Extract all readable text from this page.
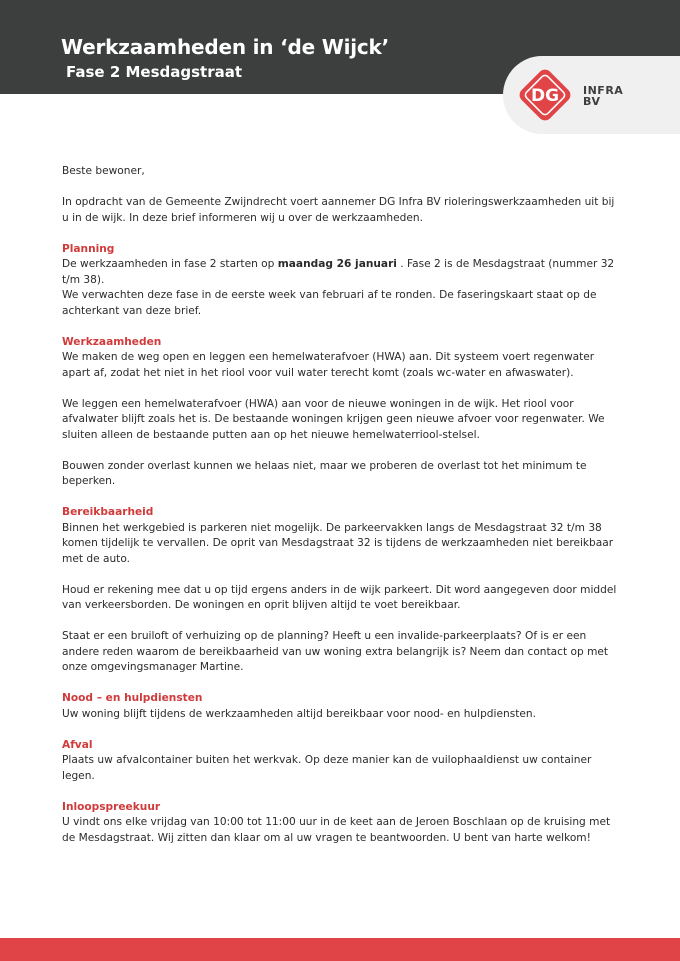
Werkzaamheden in ‘de Wijck’
Fase 2 Mesdagstraat
DG INFRA
BV

Beste bewoner,

In opdracht van de Gemeente Zwijndrecht voert aannemer DG Infra BV rioleringswerkzaamheden uit bij u in de wijk. In deze brief informeren wij u over de werkzaamheden.

Planning

De werkzaamheden in fase 2 starten op maandag 26 januari . Fase 2 is de Mesdagstraat (nummer 32 t/m 38).

We verwachten deze fase in de eerste week van februari af te ronden. De faseringskaart staat op de achterkant van deze brief.

Werkzaamheden

We maken de weg open en leggen een hemelwaterafvoer (HWA) aan. Dit systeem voert regenwater apart af, zodat het niet in het riool voor vuil water terecht komt (zoals wc-water en afwaswater).

We leggen een hemelwaterafvoer (HWA) aan voor de nieuwe woningen in de wijk. Het riool voor afvalwater blijft zoals het is. De bestaande woningen krijgen geen nieuwe afvoer voor regenwater. We sluiten alleen de bestaande putten aan op het nieuwe hemelwaterriool-stelsel.

Bouwen zonder overlast kunnen we helaas niet, maar we proberen de overlast tot het minimum te beperken.

Bereikbaarheid

Binnen het werkgebied is parkeren niet mogelijk. De parkeervakken langs de Mesdagstraat 32 t/m 38 komen tijdelijk te vervallen. De oprit van Mesdagstraat 32 is tijdens de werkzaamheden niet bereikbaar met de auto.

Houd er rekening mee dat u op tijd ergens anders in de wijk parkeert. Dit word aangegeven door middel van verkeersborden. De woningen en oprit blijven altijd te voet bereikbaar.

Staat er een bruiloft of verhuizing op de planning? Heeft u een invalide-parkeerplaats? Of is er een andere reden waarom de bereikbaarheid van uw woning extra belangrijk is? Neem dan contact op met onze omgevingsmanager Martine.

Nood – en hulpdiensten

Uw woning blijft tijdens de werkzaamheden altijd bereikbaar voor nood- en hulpdiensten.

Afval

Plaats uw afvalcontainer buiten het werkvak. Op deze manier kan de vuilophaaldienst uw container legen.

Inloopspreekuur

U vindt ons elke vrijdag van 10:00 tot 11:00 uur in de keet aan de Jeroen Boschlaan op de kruising met de Mesdagstraat. Wij zitten dan klaar om al uw vragen te beantwoorden. U bent van harte welkom!
